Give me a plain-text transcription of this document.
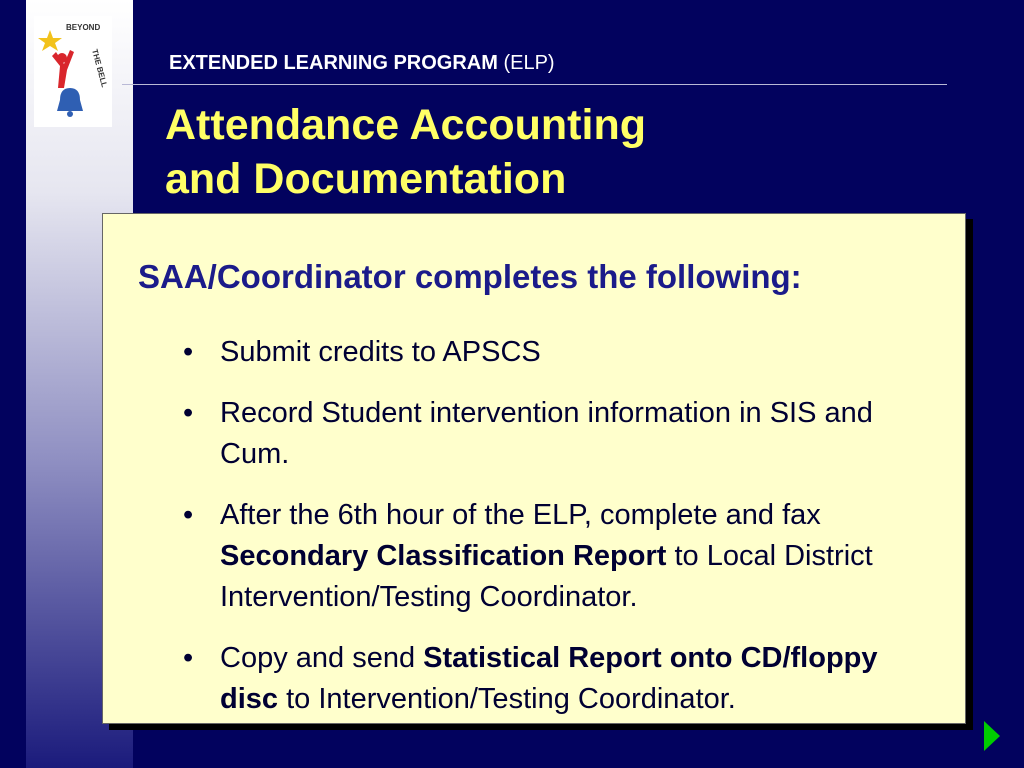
BEYOND
THE BELL	EXTENDED LEARNING PROGRAM (ELP)
Attendance Accounting
and Documentation
SAA/Coordinator completes the following:
• Submit credits to APSCS
• Record Student intervention information in SIS and Cum.
• After the 6th hour of the ELP, complete and fax Secondary Classification Report to Local District Intervention/Testing Coordinator.
• Copy and send Statistical Report onto CD/floppy disc to Intervention/Testing Coordinator.
